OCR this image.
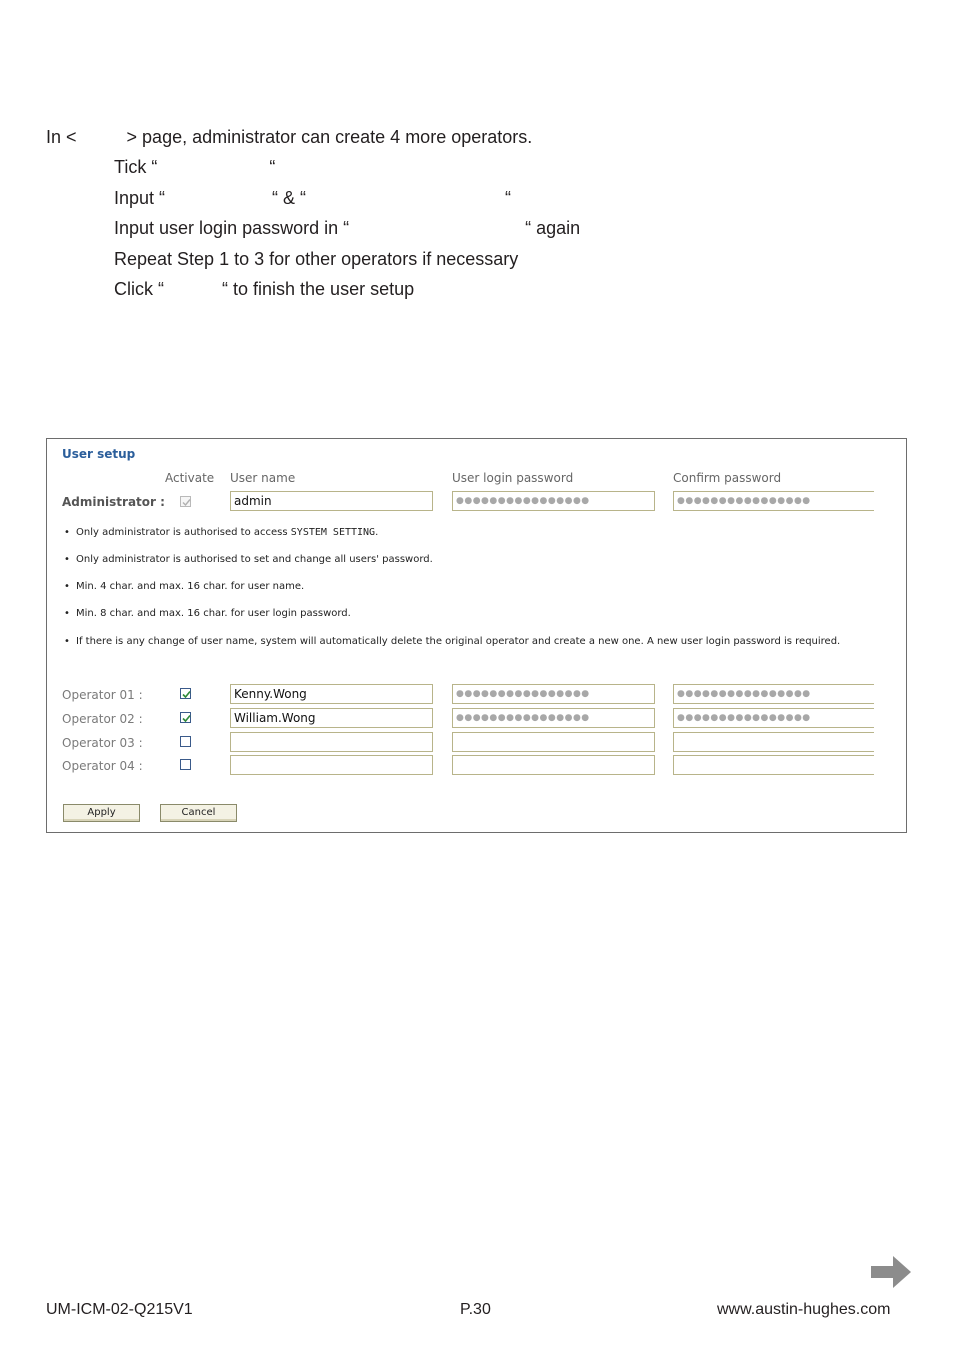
In <	> page, administrator can create 4 more operators.
Tick “	“
Input “	“ & “	“
Input user login password in “	“ again
Repeat Step 1 to 3 for other operators if necessary
Click “	“ to finish the user setup
User setup
Activate User name	User login password	Confirm password
Administrator :	admin	●●●●●●●●●●●●●●●●	●●●●●●●●●●●●●●●●
• Only administrator is authorised to access SYSTEM SETTING.
• Only administrator is authorised to set and change all users' password.
• Min. 4 char. and max. 16 char. for user name.
• Min. 8 char. and max. 16 char. for user login password.
• If there is any change of user name, system will automatically delete the original operator and create a new one. A new user login password is required.
Operator 01 :	Kenny.Wong	●●●●●●●●●●●●●●●●	●●●●●●●●●●●●●●●●
Operator 02 :	William.Wong	●●●●●●●●●●●●●●●●	●●●●●●●●●●●●●●●●
Operator 03 :
Operator 04 :
Apply	Cancel

UM-ICM-02-Q215V1	P.30	www.austin-hughes.com
